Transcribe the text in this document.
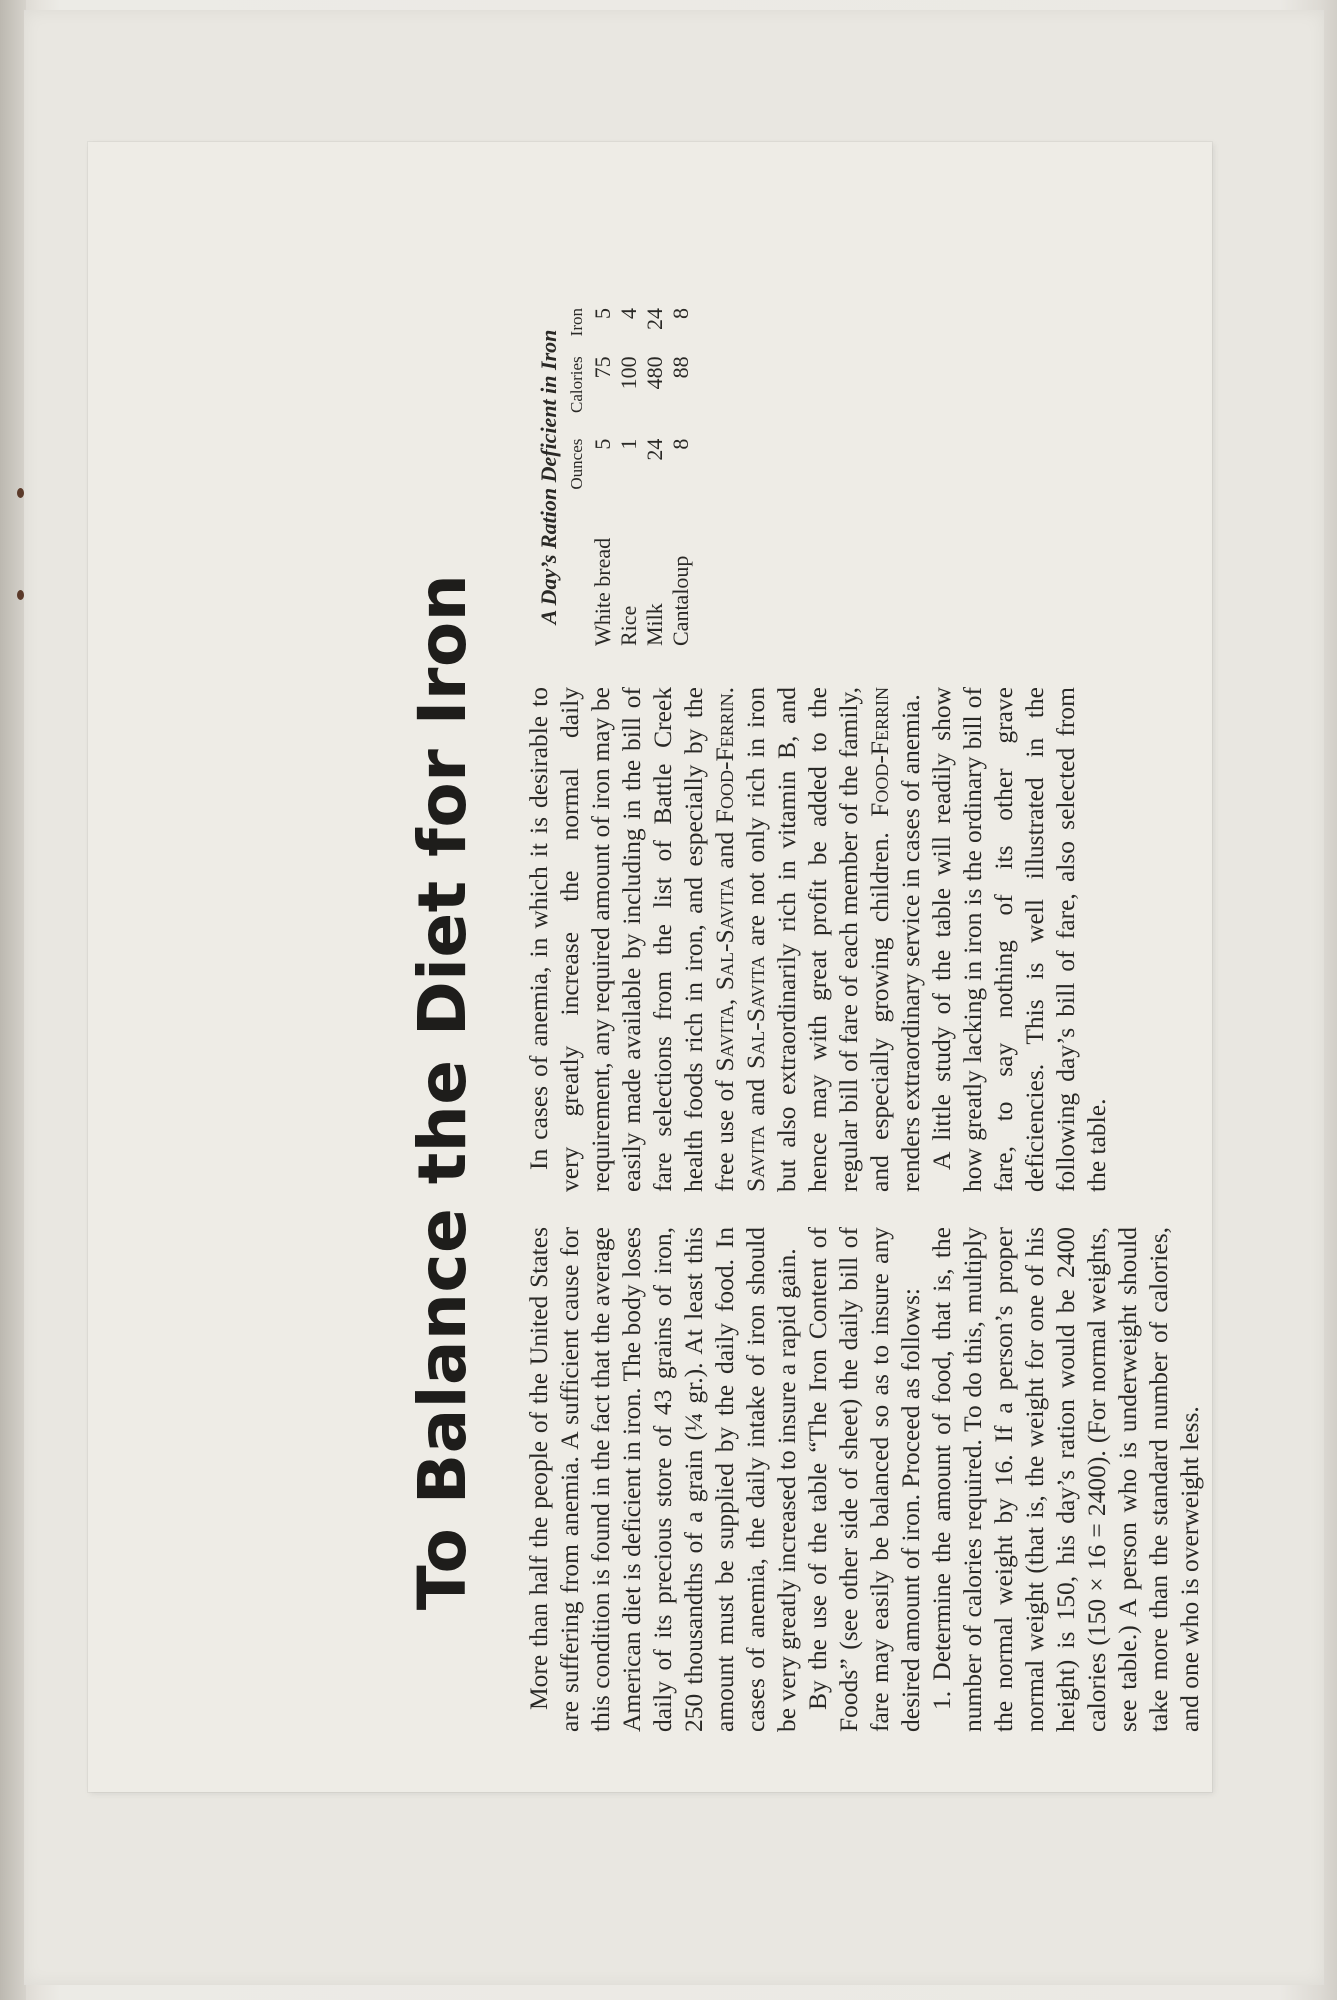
To Balance the Diet for Iron	More than half the people of the United States are suffering from anemia. A sufficient cause for this condition is found in the fact that the average American diet is deficient in iron. The body loses daily of its precious store of 43 grains of iron, 250 thousandths of a grain (¼ gr.). At least this amount must be supplied by the daily food. In cases of anemia, the daily intake of iron should be very greatly increased to insure a rapid gain. By the use of the table “The Iron Content of Foods” (see other side of sheet) the daily bill of fare may easily be balanced so as to insure any desired amount of iron. Proceed as follows: 1. Determine the amount of food, that is, the number of calories required. To do this, multiply the normal weight by 16. If a person’s proper normal weight (that is, the weight for one of his height) is 150, his day’s ration would be 2400 calories (150 × 16 = 2400). (For normal weights, see table.) A person who is underweight should take more than the standard number of calories, and one who is overweight less.

In cases of anemia, in which it is desirable to very greatly increase the normal daily requirement, any required amount of iron may be easily made available by including in the bill of fare selections from the list of Battle Creek health foods rich in iron, and especially by the free use of Savita, Sal-Savita and Food-Ferrin. Savita and Sal-Savita are not only rich in iron but also extraordinarily rich in vitamin B, and hence may with great profit be added to the regular bill of fare of each member of the family, and especially growing children. Food-Ferrin renders extraordinary service in cases of anemia. A little study of the table will readily show how greatly lacking in iron is the ordinary bill of fare, to say nothing of its other grave deficiencies. This is well illustrated in the following day’s bill of fare, also selected from the table.

A Day’s Ration Deficient in Iron
	Ounces	Calories	Iron
White bread	5	75	5
Rice	1	100	4
Milk	24	480	24
Cantaloup	8	88	8
